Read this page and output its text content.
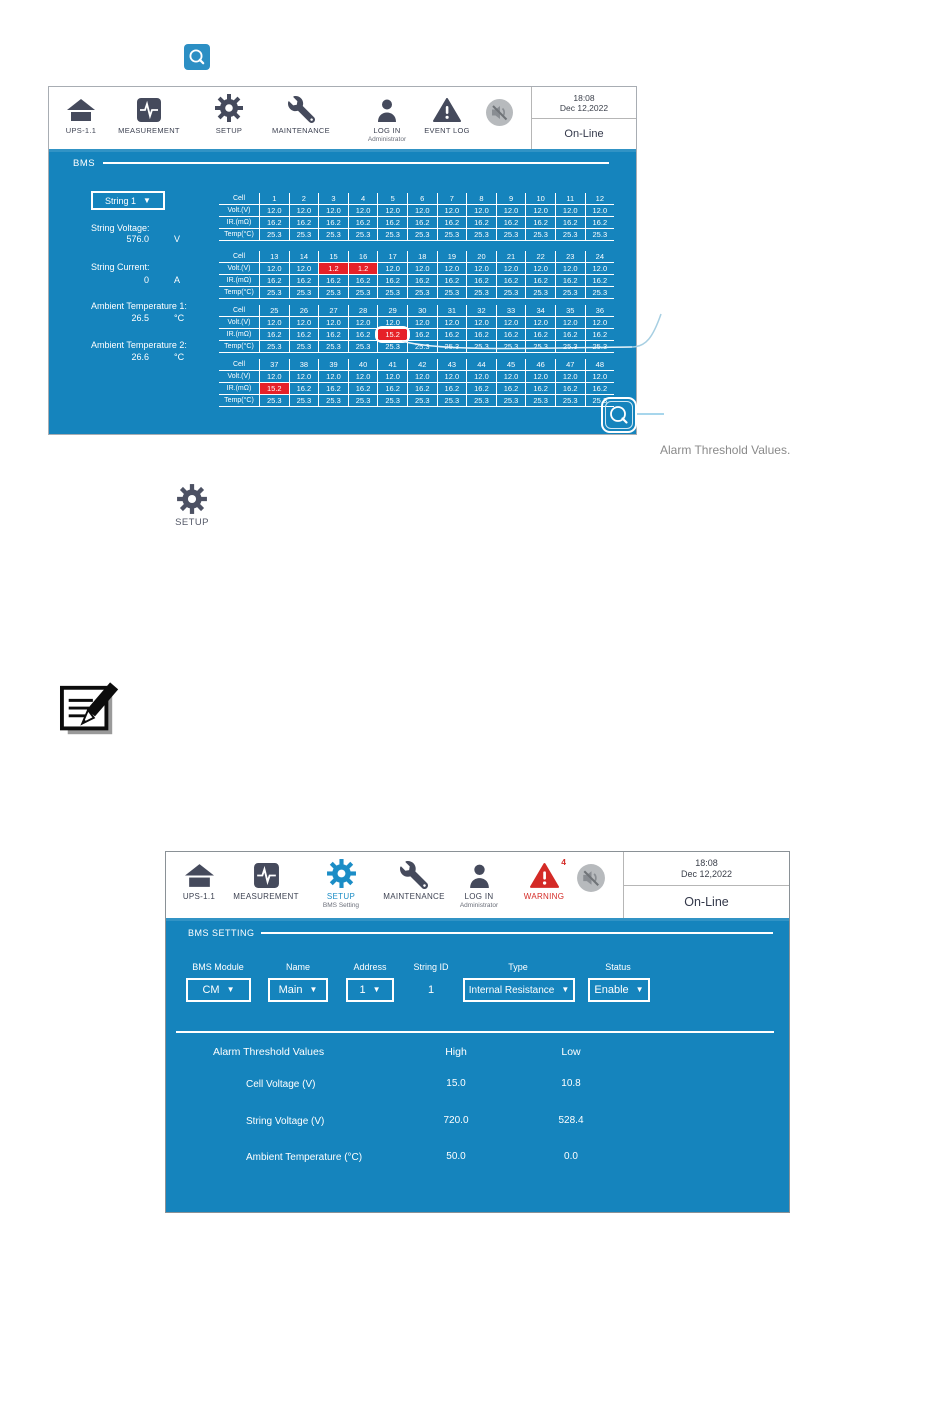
UPS-1.1	MEASUREMENT	SETUP	MAINTENANCE	LOG IN
Administrator
EVENT LOG
18:08
Dec 12,2022
On-Line
BMS
String 1 ▼
String Voltage:
576.0	V
String Current:
0	A
Ambient Temperature 1:
26.5	°C
Ambient Temperature 2:
26.6	°C
Cell	1	2	3	4	5	6	7	8	9	10	11	12
Volt.(V)	12.0	12.0	12.0	12.0	12.0	12.0	12.0	12.0	12.0	12.0	12.0	12.0
IR.(mΩ)	16.2	16.2	16.2	16.2	16.2	16.2	16.2	16.2	16.2	16.2	16.2	16.2
Temp(°C)	25.3	25.3	25.3	25.3	25.3	25.3	25.3	25.3	25.3	25.3	25.3	25.3
Cell	13	14	15	16	17	18	19	20	21	22	23	24
Volt.(V)	12.0	12.0	1.2	1.2	12.0	12.0	12.0	12.0	12.0	12.0	12.0	12.0
IR.(mΩ)	16.2	16.2	16.2	16.2	16.2	16.2	16.2	16.2	16.2	16.2	16.2	16.2
Temp(°C)	25.3	25.3	25.3	25.3	25.3	25.3	25.3	25.3	25.3	25.3	25.3	25.3
Cell	25	26	27	28	29	30	31	32	33	34	35	36
Volt.(V)	12.0	12.0	12.0	12.0	12.0	12.0	12.0	12.0	12.0	12.0	12.0	12.0
IR.(mΩ)	16.2	16.2	16.2	16.2	15.2	16.2	16.2	16.2	16.2	16.2	16.2	16.2
Temp(°C)	25.3	25.3	25.3	25.3	25.3	25.3	25.3	25.3	25.3	25.3	25.3	25.3
Cell	37	38	39	40	41	42	43	44	45	46	47	48
Volt.(V)	12.0	12.0	12.0	12.0	12.0	12.0	12.0	12.0	12.0	12.0	12.0	12.0
IR.(mΩ)	15.2	16.2	16.2	16.2	16.2	16.2	16.2	16.2	16.2	16.2	16.2	16.2
Temp(°C)	25.3	25.3	25.3	25.3	25.3	25.3	25.3	25.3	25.3	25.3	25.3	25.3
Alarm Threshold Values.
SETUP
UPS-1.1	MEASUREMENT	SETUP
BMS Setting
MAINTENANCE	LOG IN
Administrator
4
WARNING
18:08
Dec 12,2022
On-Line
BMS SETTING
BMS Module	Name	Address	String ID	Type	Status
CM ▼	Main ▼	1 ▼	1	Internal Resistance ▼ Enable ▼
Alarm Threshold Values	High	Low
Cell Voltage (V)	15.0	10.8
String Voltage (V)	720.0	528.4
Ambient Temperature (°C)	50.0	0.0
